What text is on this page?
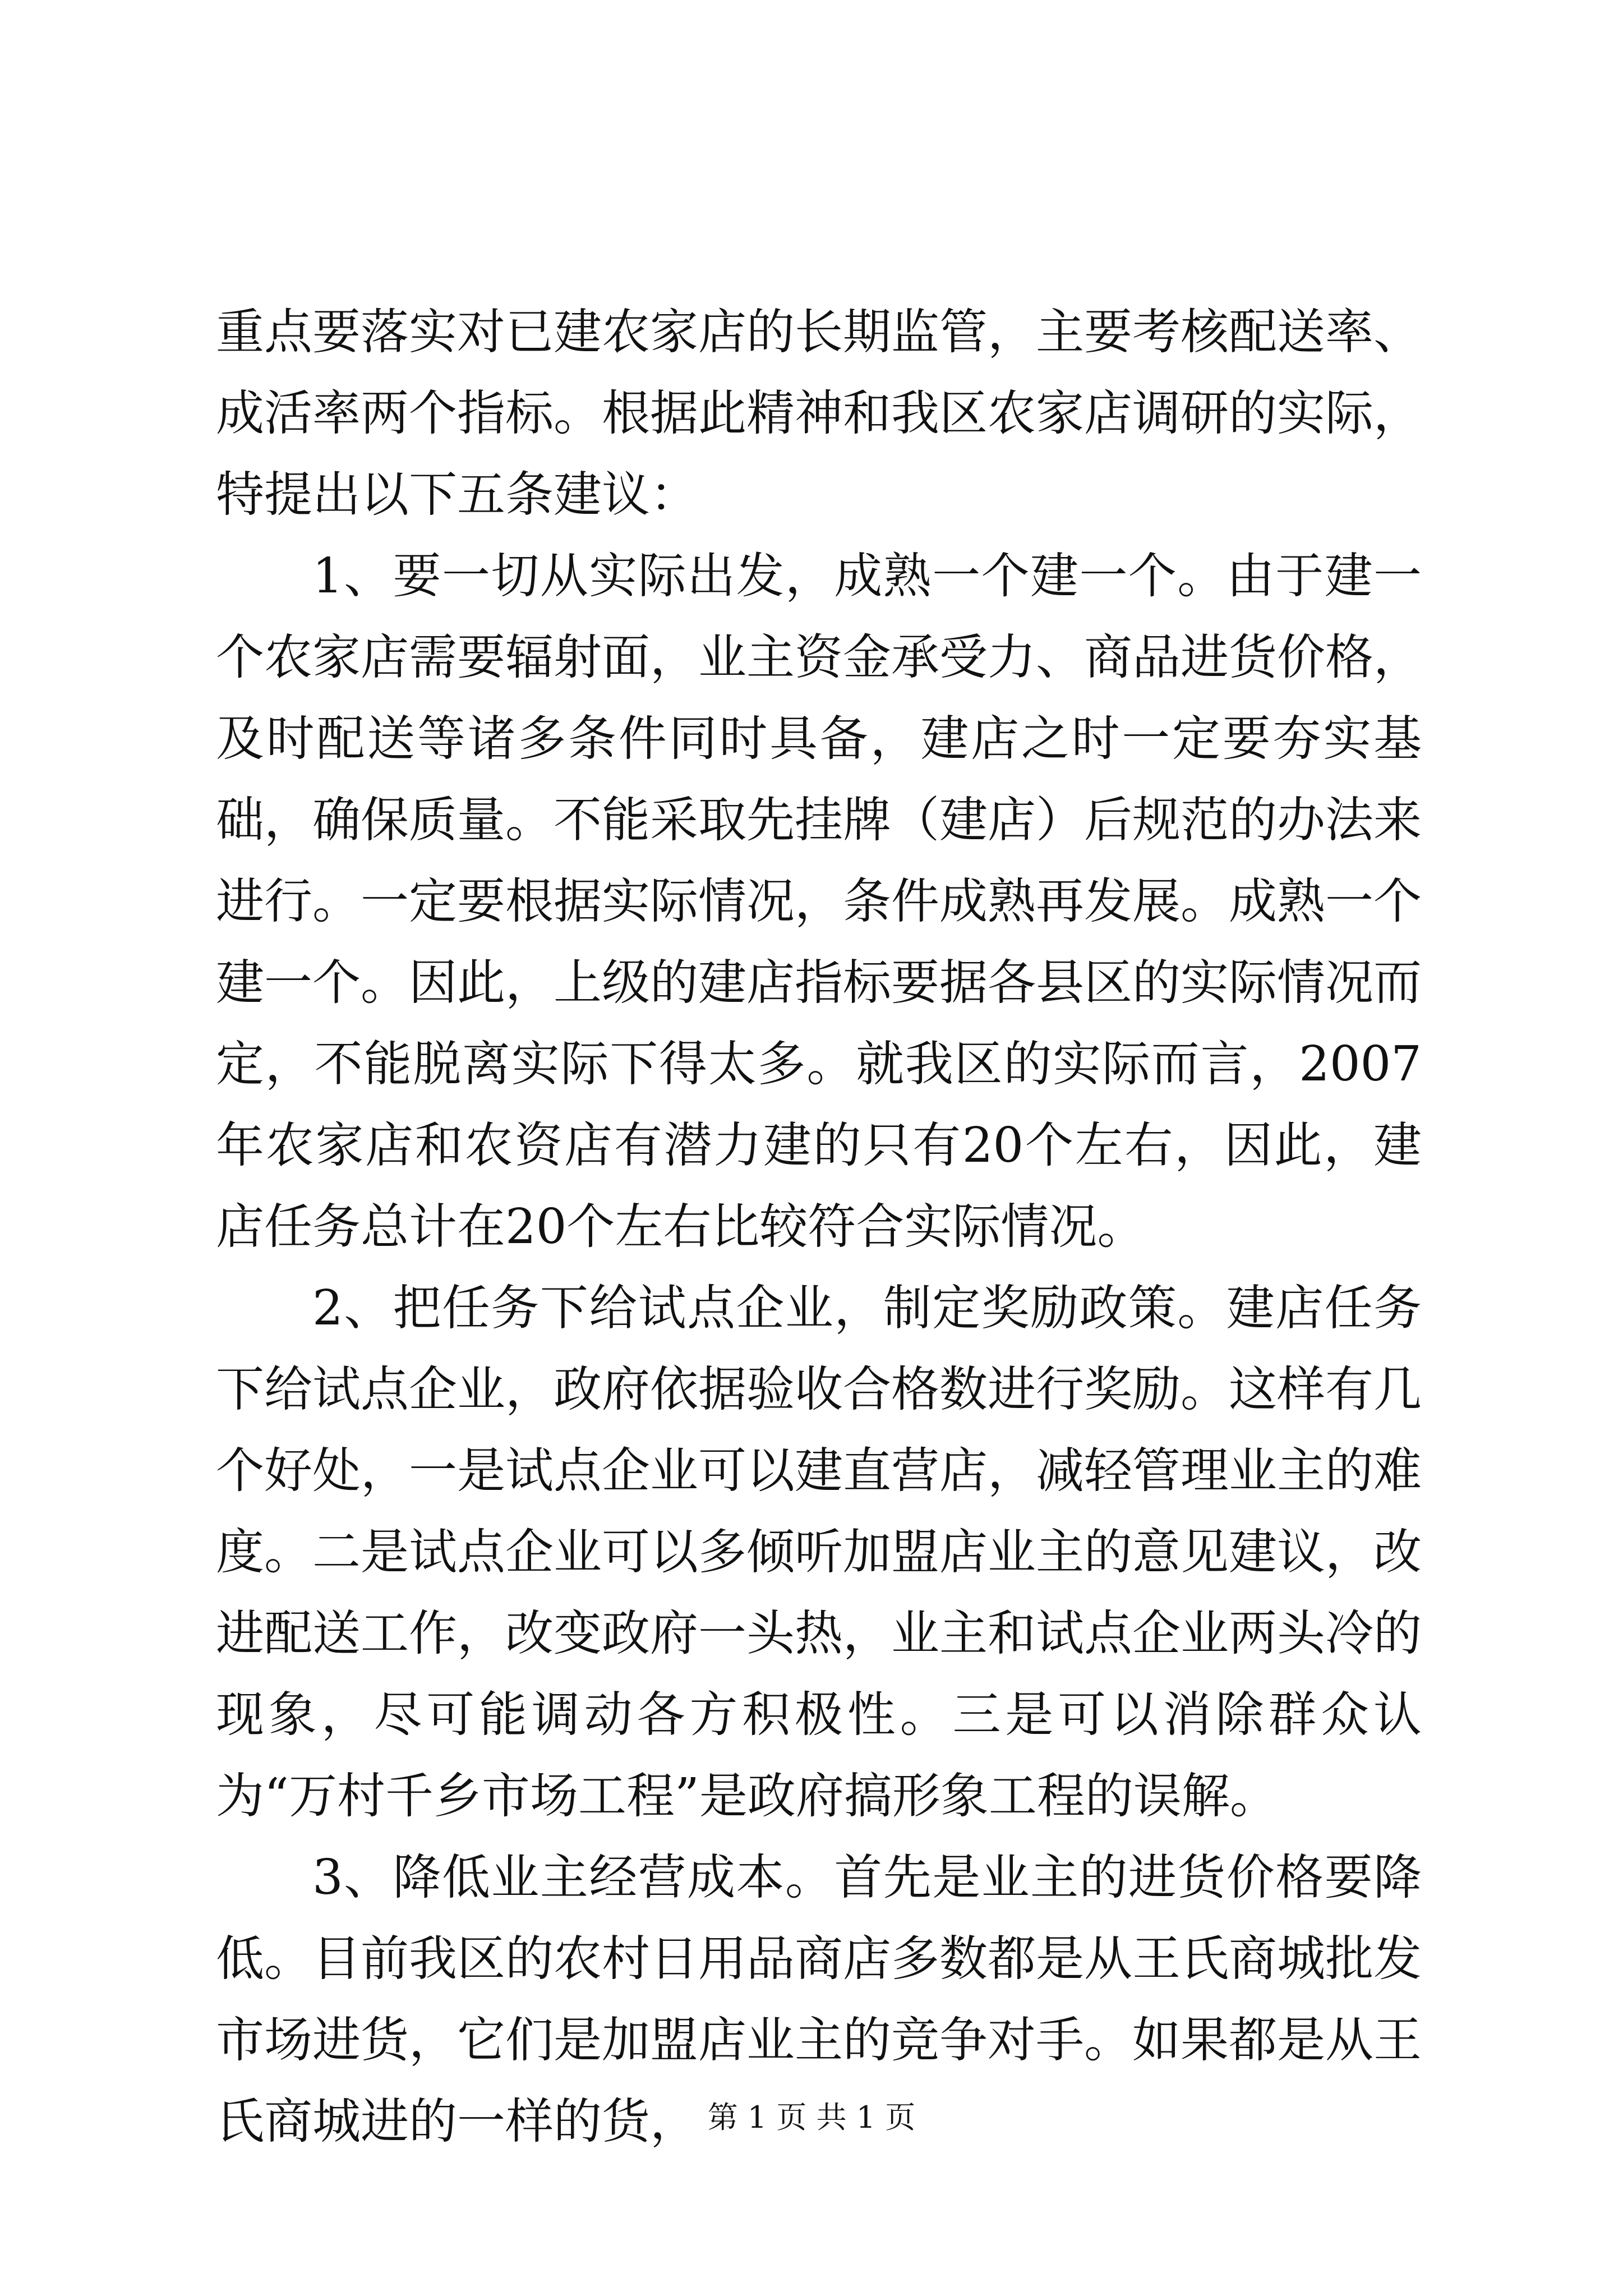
重点要落实对已建农家店的长期监管，主要考核配送率、成活率两个指标。根据此精神和我区农家店调研的实际，特提出以下五条建议：

1、要一切从实际出发，成熟一个建一个。由于建一个农家店需要辐射面，业主资金承受力、商品进货价格，及时配送等诸多条件同时具备，建店之时一定要夯实基础，确保质量。不能采取先挂牌（建店）后规范的办法来进行。一定要根据实际情况，条件成熟再发展。成熟一个建一个。因此，上级的建店指标要据各县区的实际情况而定，不能脱离实际下得太多。就我区的实际而言，2007年农家店和农资店有潜力建的只有20个左右，因此，建店任务总计在20个左右比较符合实际情况。

2、把任务下给试点企业，制定奖励政策。建店任务下给试点企业，政府依据验收合格数进行奖励。这样有几个好处，一是试点企业可以建直营店，减轻管理业主的难度。二是试点企业可以多倾听加盟店业主的意见建议，改进配送工作，改变政府一头热，业主和试点企业两头冷的现象，尽可能调动各方积极性。三是可以消除群众认为“万村千乡市场工程”是政府搞形象工程的误解。

3、降低业主经营成本。首先是业主的进货价格要降低。目前我区的农村日用品商店多数都是从王氏商城批发市场进货，它们是加盟店业主的竞争对手。如果都是从王氏商城进的一样的货， 第 1 页 共 1 页
